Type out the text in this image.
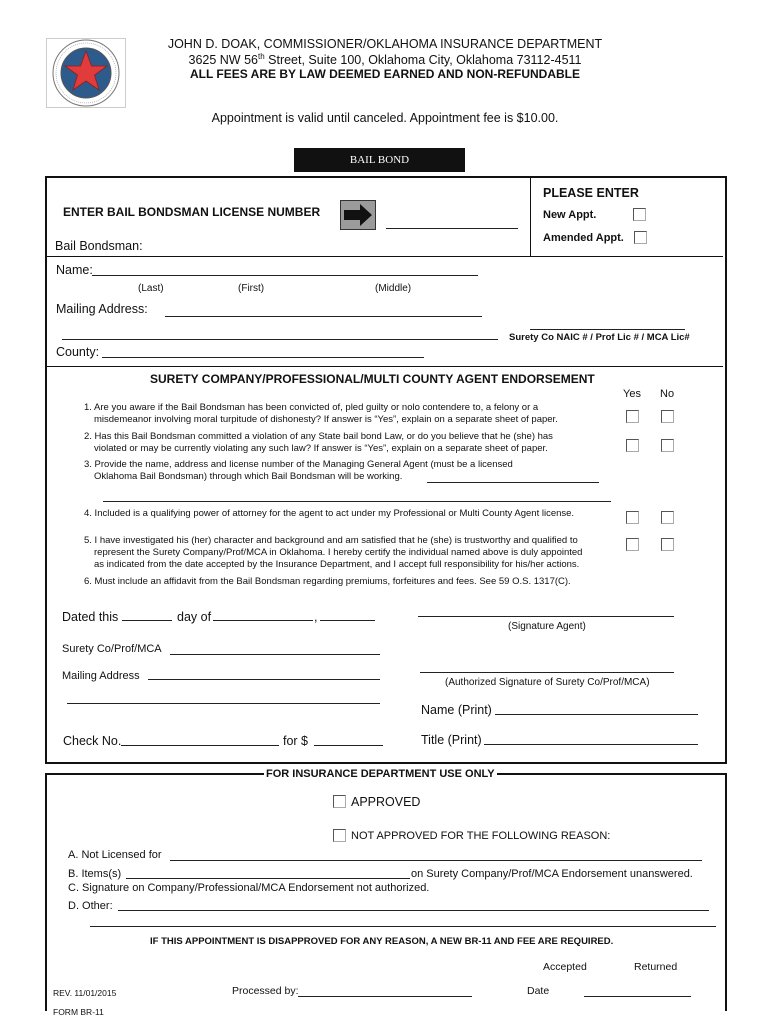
JOHN D. DOAK, COMMISSIONER/OKLAHOMA INSURANCE DEPARTMENT
3625 NW 56th Street, Suite 100, Oklahoma City, Oklahoma 73112-4511
ALL FEES ARE BY LAW DEEMED EARNED AND NON-REFUNDABLE
Appointment is valid until canceled. Appointment fee is $10.00.
BAIL BOND
ENTER BAIL BONDSMAN LICENSE NUMBER
PLEASE ENTER
New Appt.
Amended Appt.
Bail Bondsman:
Name:
(Last)	(First)	(Middle)
Mailing Address:
Surety Co NAIC # / Prof Lic # / MCA Lic#
County:
SURETY COMPANY/PROFESSIONAL/MULTI COUNTY AGENT ENDORSEMENT
Yes No
1. Are you aware if the Bail Bondsman has been convicted of, pled guilty or nolo contendere to, a felony or a
misdemeanor involving moral turpitude of dishonesty? If answer is “Yes”, explain on a separate sheet of paper.
2. Has this Bail Bondsman committed a violation of any State bail bond Law, or do you believe that he (she) has
violated or may be currently violating any such law? If answer is “Yes”, explain on a separate sheet of paper.
3. Provide the name, address and license number of the Managing General Agent (must be a licensed
Oklahoma Bail Bondsman) through which Bail Bondsman will be working.
4. Included is a qualifying power of attorney for the agent to act under my Professional or Multi County Agent license.
5. I have investigated his (her) character and background and am satisfied that he (she) is trustworthy and qualified to
represent the Surety Company/Prof/MCA in Oklahoma. I hereby certify the individual named above is duly appointed
as indicated from the date accepted by the Insurance Department, and I accept full responsibility for his/her actions.
6. Must include an affidavit from the Bail Bondsman regarding premiums, forfeitures and fees. See 59 O.S. 1317(C).
Dated this	day of	,
(Signature Agent)
Surety Co/Prof/MCA
Mailing Address
(Authorized Signature of Surety Co/Prof/MCA)
Name (Print)
Check No.	for $	Title (Print)
FOR INSURANCE DEPARTMENT USE ONLY
APPROVED
NOT APPROVED FOR THE FOLLOWING REASON:
A. Not Licensed for
B. Items(s)	on Surety Company/Prof/MCA Endorsement unanswered.
C. Signature on Company/Professional/MCA Endorsement not authorized.
D. Other:
IF THIS APPOINTMENT IS DISAPPROVED FOR ANY REASON, A NEW BR-11 AND FEE ARE REQUIRED.
Accepted	Returned
REV. 11/01/2015	Processed by:	Date
FORM BR-11
